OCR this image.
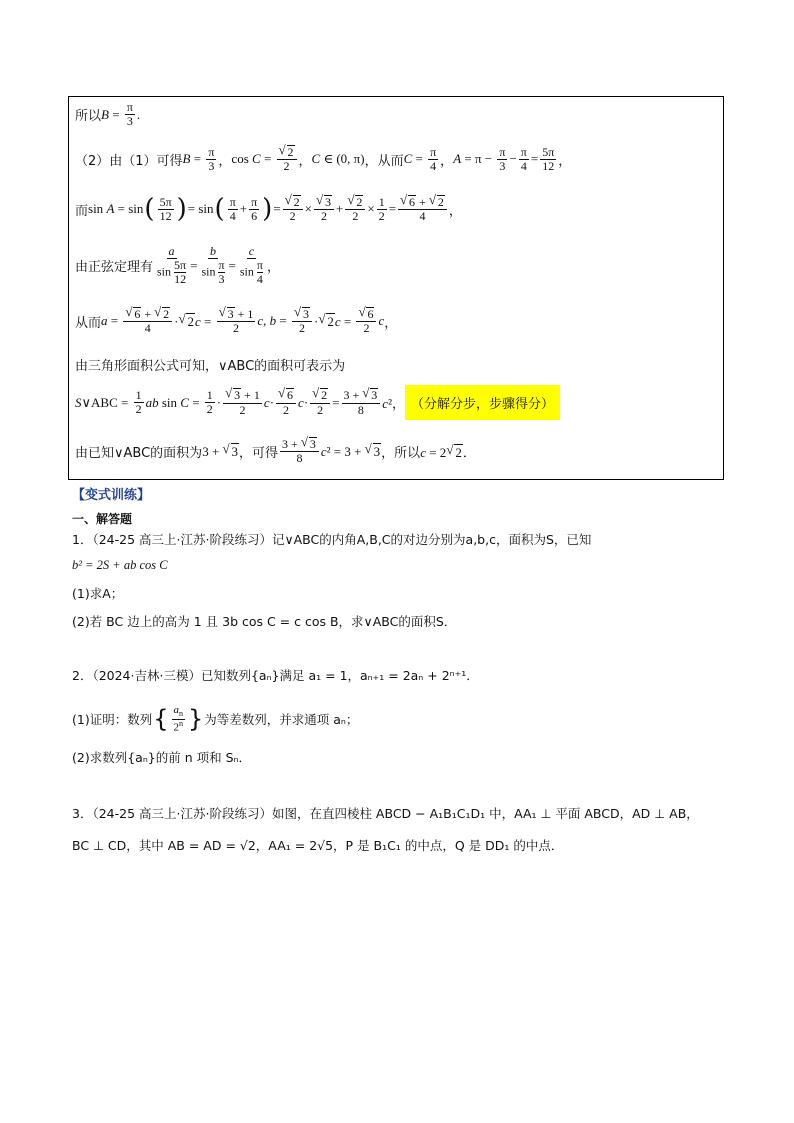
所以 $B = \frac{\pi}{3}$ .
（2）由（1）可得 $B = \frac{\pi}{3}$ ， cos C = √ $\frac{2}{2}$ ， C ∈ (0, π) ，从而 $C = \frac{\pi}{4}$ ， $A = \pi - \frac{\pi}{3} - \frac{\pi}{4} = \frac{5\pi}{12}$ ，
而 sin A = sin ( $\frac{5\pi}{12}$ ) = sin ( $\frac{\pi}{4} + \frac{\pi}{6}$ ) = √ $\frac{2}{2}$ × √ $\frac{3}{2}$ + √ $\frac{2}{2} \times \frac{1}{2}$ = √ $\frac{6 + √ 2}{4}$ ，
由正弦定理有 $\frac{a}{\sin \frac{5\pi}{12}} = \frac{b}{\sin \frac{\pi}{3}} = \frac{c}{\sin \frac{\pi}{4}}$ ，
从而 a = √ $\frac{6 + √ 2}{4}$ · √ 2c = √ $\frac{3 + 1}{2}$ c , b = √ $\frac{3}{2}$ · √ 2c = √ $\frac{6}{2}$ c ，
由三角形面积公式可知，∨ABC的面积可表示为
S ∨ABC = $\frac{1}{2}$ ab $\sin C = \frac{1}{2}$ · √ $\frac{3 + 1}{2}$ c · √ $\frac{6}{2}$ c · √ $\frac{2}{2} = \frac{3 + √ 3}{8} c^2$， （分解分步，步骤得分）
由已知∨ABC的面积为 3 + √ 3 ，可得 $\frac{3 + √ 3}{8} c^2 = 3$ + √ 3 ，所以 c = 2 √ 2．
【变式训练】
一、解答题
1．（24-25 高三上·江苏·阶段练习）记∨ABC的内角A,B,C的对边分别为a,b,c，面积为S，已知
b² = 2S + ab cos C
(1)求A；
(2)若 BC 边上的高为 1 且 3b cos C = c cos B，求∨ABC的面积S．
2．（2024·吉林·三模）已知数列{aₙ}满足 a₁ = 1，aₙ₊₁ = 2aₙ + 2ⁿ⁺¹．
(1)证明：数列 { $\frac{a_n}{2^n}$ } 为等差数列，并求通项 aₙ；
(2)求数列{aₙ}的前 n 项和 Sₙ．
3．（24-25 高三上·江苏·阶段练习）如图，在直四棱柱 ABCD − A₁B₁C₁D₁ 中，AA₁ ⊥ 平面 ABCD，AD ⊥ AB，
BC ⊥ CD，其中 AB = AD = √2，AA₁ = 2√5，P 是 B₁C₁ 的中点，Q 是 DD₁ 的中点．
